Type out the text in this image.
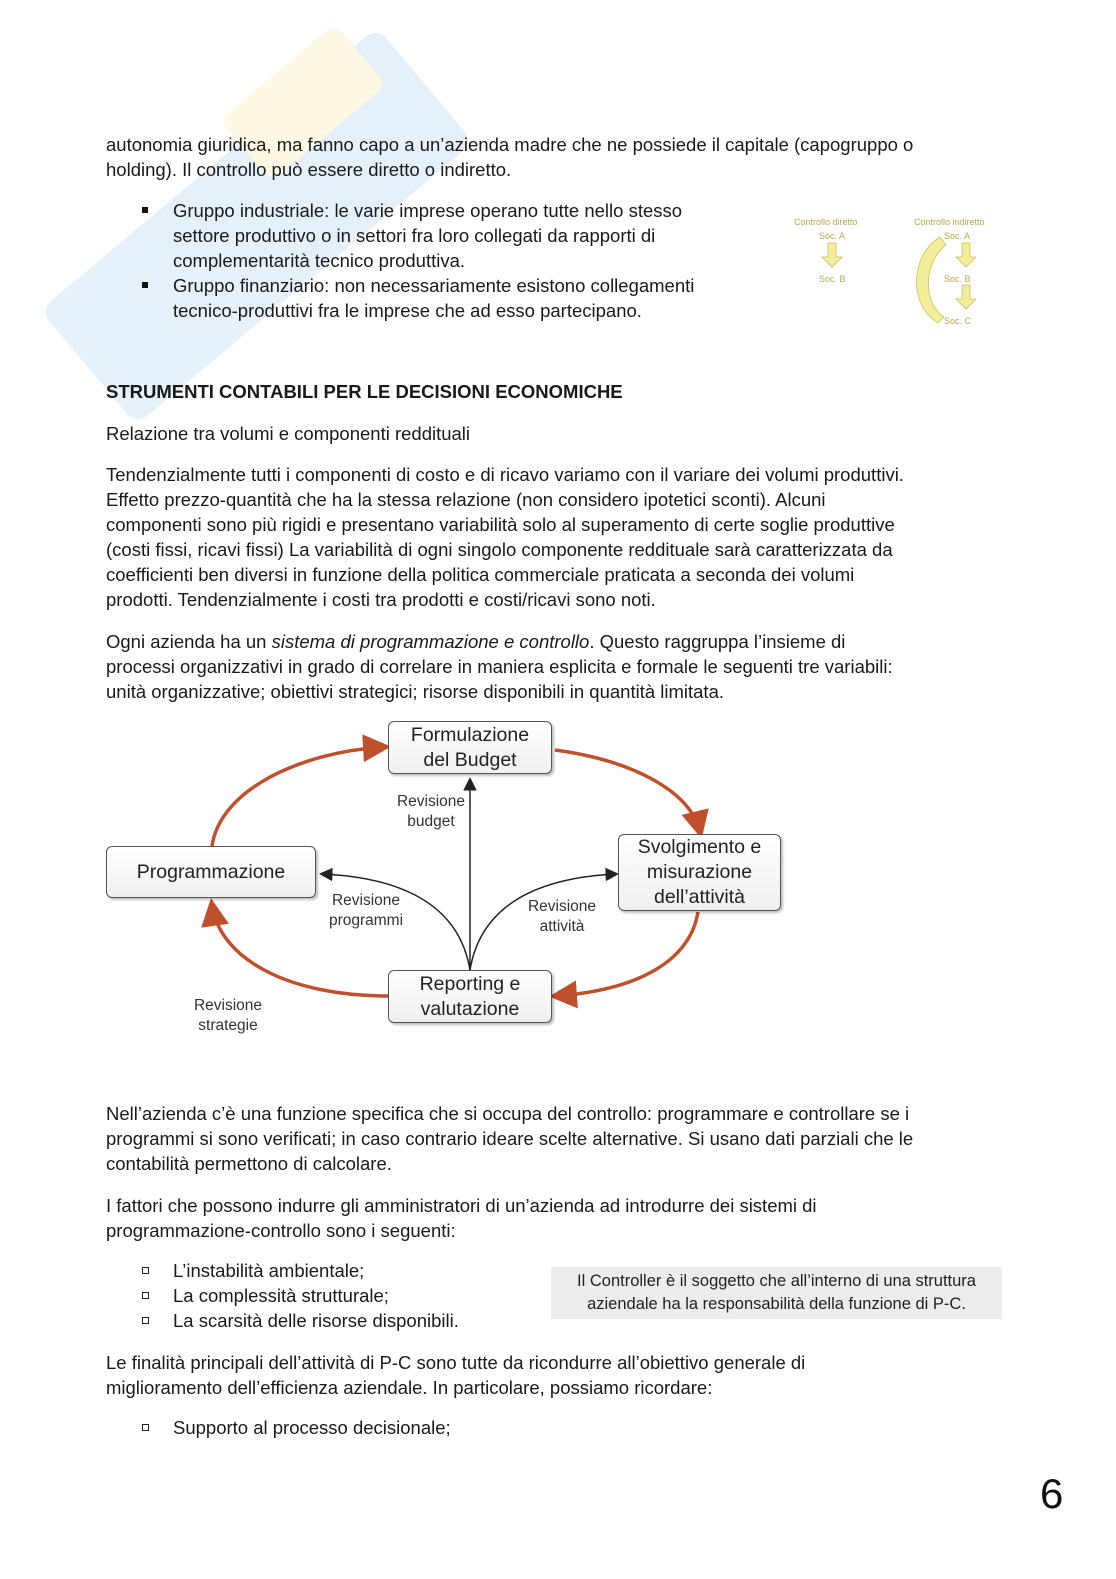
autonomia giuridica, ma fanno capo a un’azienda madre che ne possiede il capitale (capogruppo o

holding). Il controllo può essere diretto o indiretto.

Gruppo industriale: le varie imprese operano tutte nello stesso
settore produttivo o in settori fra loro collegati da rapporti di
complementarità tecnico produttiva.
Gruppo finanziario: non necessariamente esistono collegamenti
tecnico-produttivi fra le imprese che ad esso partecipano.
Controllo diretto	Controllo indiretto
Soc. A
Soc. B
Soc. A
Soc. B
Soc. C
STRUMENTI CONTABILI PER LE DECISIONI ECONOMICHE

Relazione tra volumi e componenti reddituali

Tendenzialmente tutti i componenti di costo e di ricavo variamo con il variare dei volumi produttivi.

Effetto prezzo-quantità che ha la stessa relazione (non considero ipotetici sconti). Alcuni

componenti sono più rigidi e presentano variabilità solo al superamento di certe soglie produttive

(costi fissi, ricavi fissi) La variabilità di ogni singolo componente reddituale sarà caratterizzata da

coefficienti ben diversi in funzione della politica commerciale praticata a seconda dei volumi

prodotti. Tendenzialmente i costi tra prodotti e costi/ricavi sono noti.

Ogni azienda ha un sistema di programmazione e controllo. Questo raggruppa l’insieme di

processi organizzativi in grado di correlare in maniera esplicita e formale le seguenti tre variabili:

unità organizzative; obiettivi strategici; risorse disponibili in quantità limitata.

Formulazione
del Budget
Programmazione
Svolgimento e
misurazione
dell’attività
Reporting e
valutazione
Revisione
budget
Revisione
programmi
Revisione
attività
Revisione
strategie

Nell’azienda c’è una funzione specifica che si occupa del controllo: programmare e controllare se i

programmi si sono verificati; in caso contrario ideare scelte alternative. Si usano dati parziali che le

contabilità permettono di calcolare.

I fattori che possono indurre gli amministratori di un’azienda ad introdurre dei sistemi di

programmazione-controllo sono i seguenti:

L’instabilità ambientale;
La complessità strutturale;
La scarsità delle risorse disponibili.
Il Controller è il soggetto che all’interno di una struttura
aziendale ha la responsabilità della funzione di P-C.

Le finalità principali dell’attività di P-C sono tutte da ricondurre all’obiettivo generale di

miglioramento dell’efficienza aziendale. In particolare, possiamo ricordare:

Supporto al processo decisionale;
6
